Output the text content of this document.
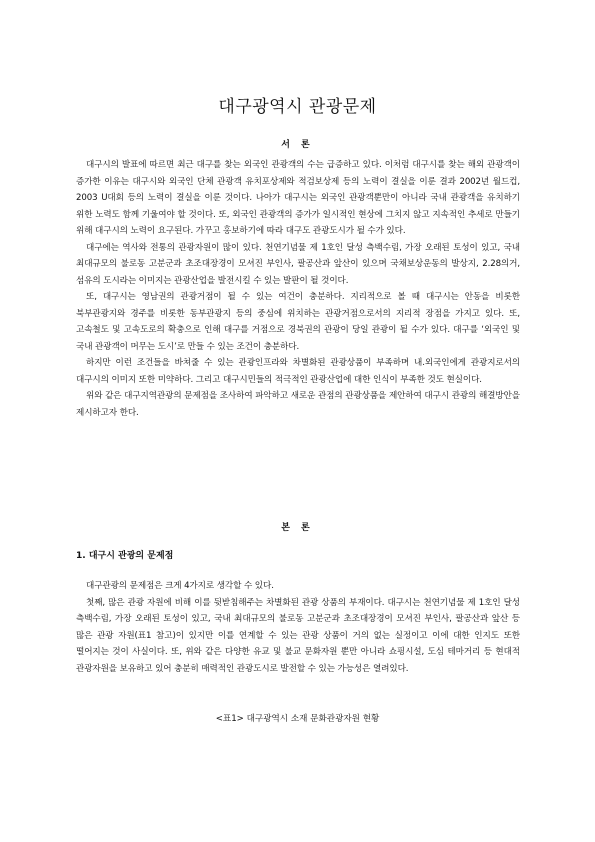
대구광역시 관광문제
서 론

대구시의 발표에 따르면 최근 대구를 찾는 외국인 관광객의 수는 급증하고 있다. 이처럼 대구시를 찾는 해외 관광객이 증가한 이유는 대구시와 외국인 단체 관광객 유치포상제와 적검보상제 등의 노력이 결실을 이룬 결과 2002년 월드컵, 2003 U대회 등의 노력이 결실을 이룬 것이다. 나아가 대구시는 외국인 관광객뿐만이 아니라 국내 관광객을 유치하기 위한 노력도 함께 기울여야 할 것이다. 또, 외국인 관광객의 증가가 일시적인 현상에 그치지 않고 지속적인 추세로 만들기 위해 대구시의 노력이 요구된다. 가꾸고 홍보하기에 따라 대구도 관광도시가 될 수가 있다.

대구에는 역사와 전통의 관광자원이 많이 있다. 천연기념물 제 1호인 달성 측백수림, 가장 오래된 토성이 있고, 국내 최대규모의 불로동 고분군과 초조대장경이 모셔진 부인사, 팔공산과 앞산이 있으며 국채보상운동의 발상지, 2.28의거, 섬유의 도시라는 이미지는 관광산업을 발전시킬 수 있는 발판이 될 것이다.

또, 대구시는 영남권의 관광거점이 될 수 있는 여건이 충분하다. 지리적으로 볼 때 대구시는 안동을 비롯한 북부관광지와 경주를 비롯한 동부관광지 등의 중심에 위치하는 관광거점으로서의 지리적 장점을 가지고 있다. 또, 고속철도 및 고속도로의 확충으로 인해 대구를 거점으로 경북권의 관광이 당일 관광이 될 수가 있다. 대구를 ‘외국인 및 국내 관광객이 머무는 도시’로 만들 수 있는 조건이 충분하다.

하지만 이런 조건들을 바쳐줄 수 있는 관광인프라와 차별화된 관광상품이 부족하며 내.외국인에게 관광지로서의 대구시의 이미지 또한 미약하다. 그리고 대구시민들의 적극적인 관광산업에 대한 인식이 부족한 것도 현실이다.

위와 같은 대구지역관광의 문제점을 조사하여 파악하고 새로운 관점의 관광상품을 제안하여 대구시 관광의 해결방안을 제시하고자 한다.

본 론
1. 대구시 관광의 문제점

대구관광의 문제점은 크게 4가지로 생각할 수 있다.

첫째, 많은 관광 자원에 비해 이를 뒷받침해주는 차별화된 관광 상품의 부재이다. 대구시는 천연기념물 제 1호인 달성 측백수림, 가장 오래된 토성이 있고, 국내 최대규모의 불로동 고분군과 초조대장경이 모셔진 부인사, 팔공산과 앞산 등 많은 관광 자원(표1 참고)이 있지만 이를 연계할 수 있는 관광 상품이 거의 없는 실정이고 이에 대한 인지도 또한 떨어지는 것이 사실이다. 또, 위와 같은 다양한 유교 및 불교 문화자원 뿐만 아니라 쇼핑시설, 도심 테마거리 등 현대적 관광자원을 보유하고 있어 충분히 매력적인 관광도시로 발전할 수 있는 가능성은 열려있다.

<표1> 대구광역시 소재 문화관광자원 현황
